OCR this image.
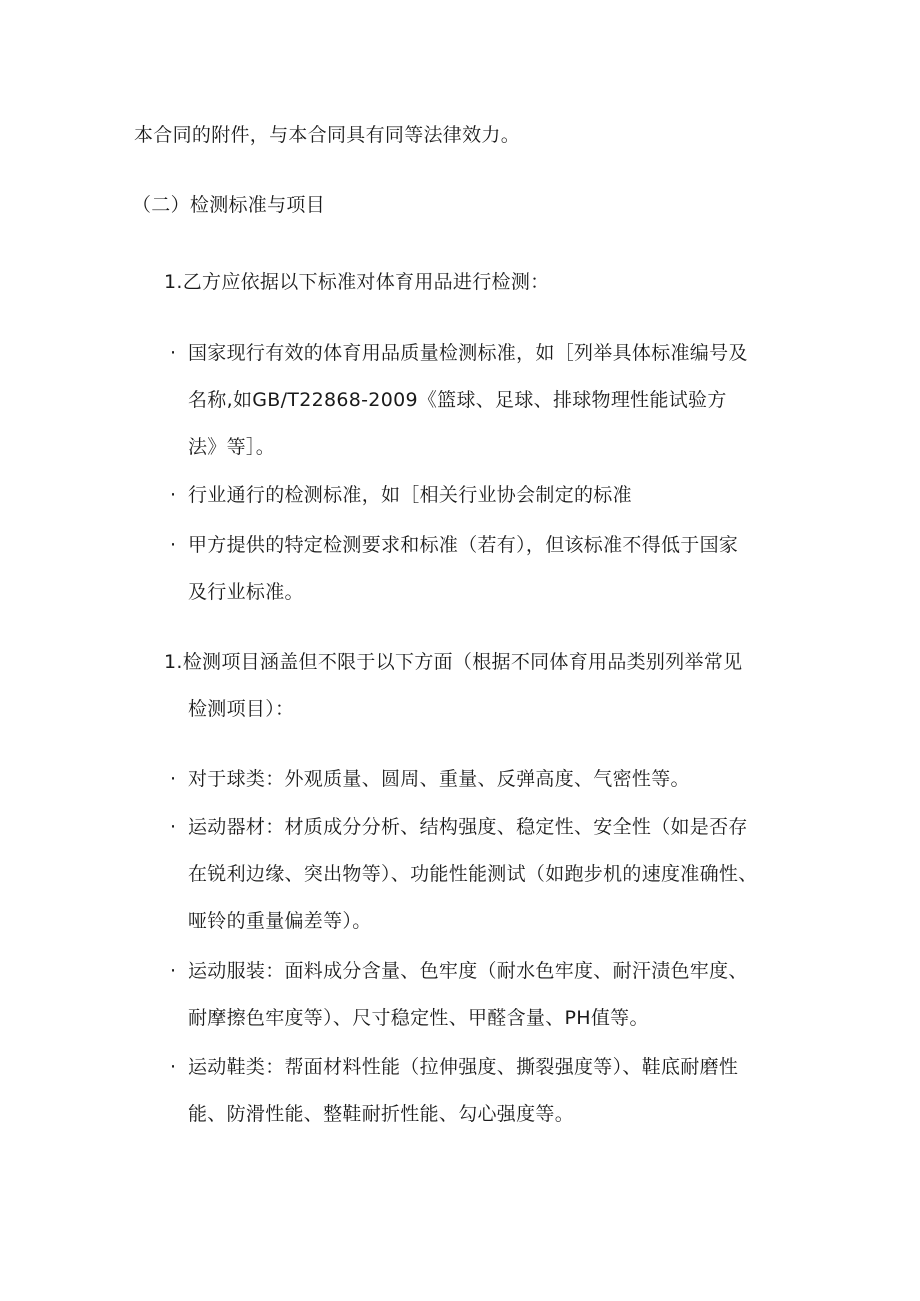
本合同的附件，与本合同具有同等法律效力。
（二）检测标准与项目
1.乙方应依据以下标准对体育用品进行检测：
· 国家现行有效的体育用品质量检测标准，如［列举具体标准编号及
名称,如GB/T22868-2009《篮球、足球、排球物理性能试验方
法》等］。
· 行业通行的检测标准，如［相关行业协会制定的标准
· 甲方提供的特定检测要求和标准（若有），但该标准不得低于国家
及行业标准。
1.检测项目涵盖但不限于以下方面（根据不同体育用品类别列举常见
检测项目）：
· 对于球类：外观质量、圆周、重量、反弹高度、气密性等。
· 运动器材：材质成分分析、结构强度、稳定性、安全性（如是否存
在锐利边缘、突出物等）、功能性能测试（如跑步机的速度准确性、
哑铃的重量偏差等）。
· 运动服装：面料成分含量、色牢度（耐水色牢度、耐汗渍色牢度、
耐摩擦色牢度等）、尺寸稳定性、甲醛含量、PH值等。
· 运动鞋类：帮面材料性能（拉伸强度、撕裂强度等）、鞋底耐磨性
能、防滑性能、整鞋耐折性能、勾心强度等。
